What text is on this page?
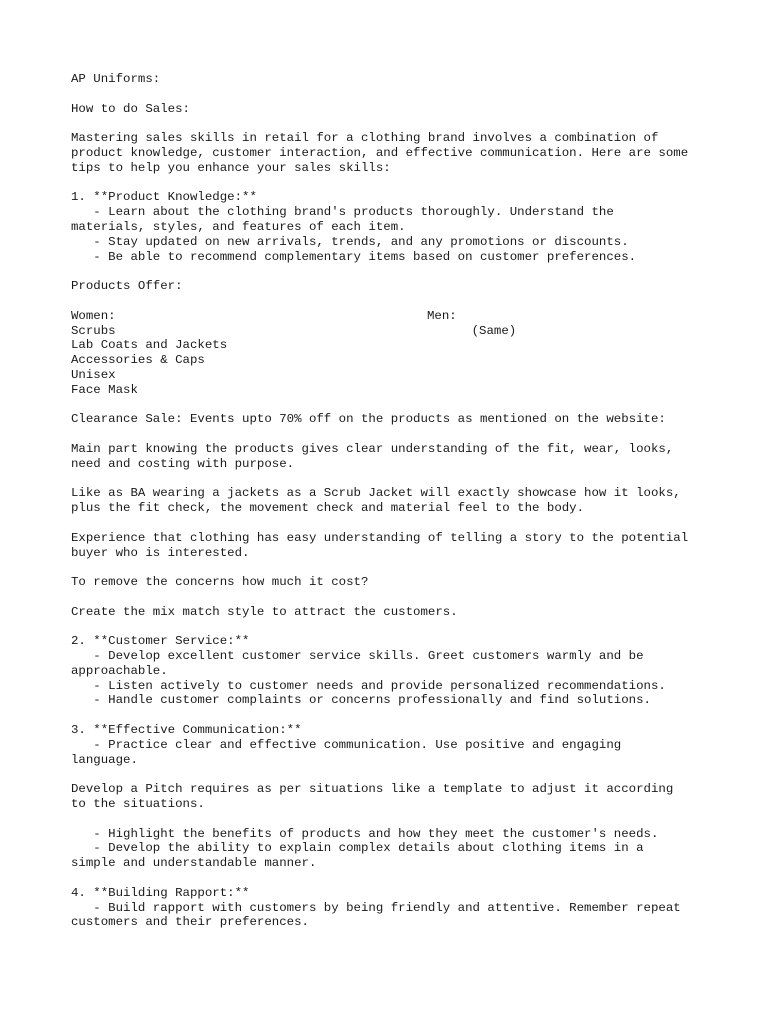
AP Uniforms:
How to do Sales:
Mastering sales skills in retail for a clothing brand involves a combination of
product knowledge, customer interaction, and effective communication. Here are some
tips to help you enhance your sales skills:
1. **Product Knowledge:**
- Learn about the clothing brand's products thoroughly. Understand the
materials, styles, and features of each item.
- Stay updated on new arrivals, trends, and any promotions or discounts.
- Be able to recommend complementary items based on customer preferences.
Products Offer:
Women:
Scrubs
Lab Coats and Jackets
Accessories & Caps
Unisex
Face Mask
Men:
(Same)
Clearance Sale: Events upto 70% off on the products as mentioned on the website:
Main part knowing the products gives clear understanding of the fit, wear, looks,
need and costing with purpose.
Like as BA wearing a jackets as a Scrub Jacket will exactly showcase how it looks,
plus the fit check, the movement check and material feel to the body.
Experience that clothing has easy understanding of telling a story to the potential
buyer who is interested.
To remove the concerns how much it cost?
Create the mix match style to attract the customers.
2. **Customer Service:**
- Develop excellent customer service skills. Greet customers warmly and be
approachable.
- Listen actively to customer needs and provide personalized recommendations.
- Handle customer complaints or concerns professionally and find solutions.
3. **Effective Communication:**
- Practice clear and effective communication. Use positive and engaging
language.
Develop a Pitch requires as per situations like a template to adjust it according
to the situations.
- Highlight the benefits of products and how they meet the customer's needs.
- Develop the ability to explain complex details about clothing items in a
simple and understandable manner.
4. **Building Rapport:**
- Build rapport with customers by being friendly and attentive. Remember repeat
customers and their preferences.
